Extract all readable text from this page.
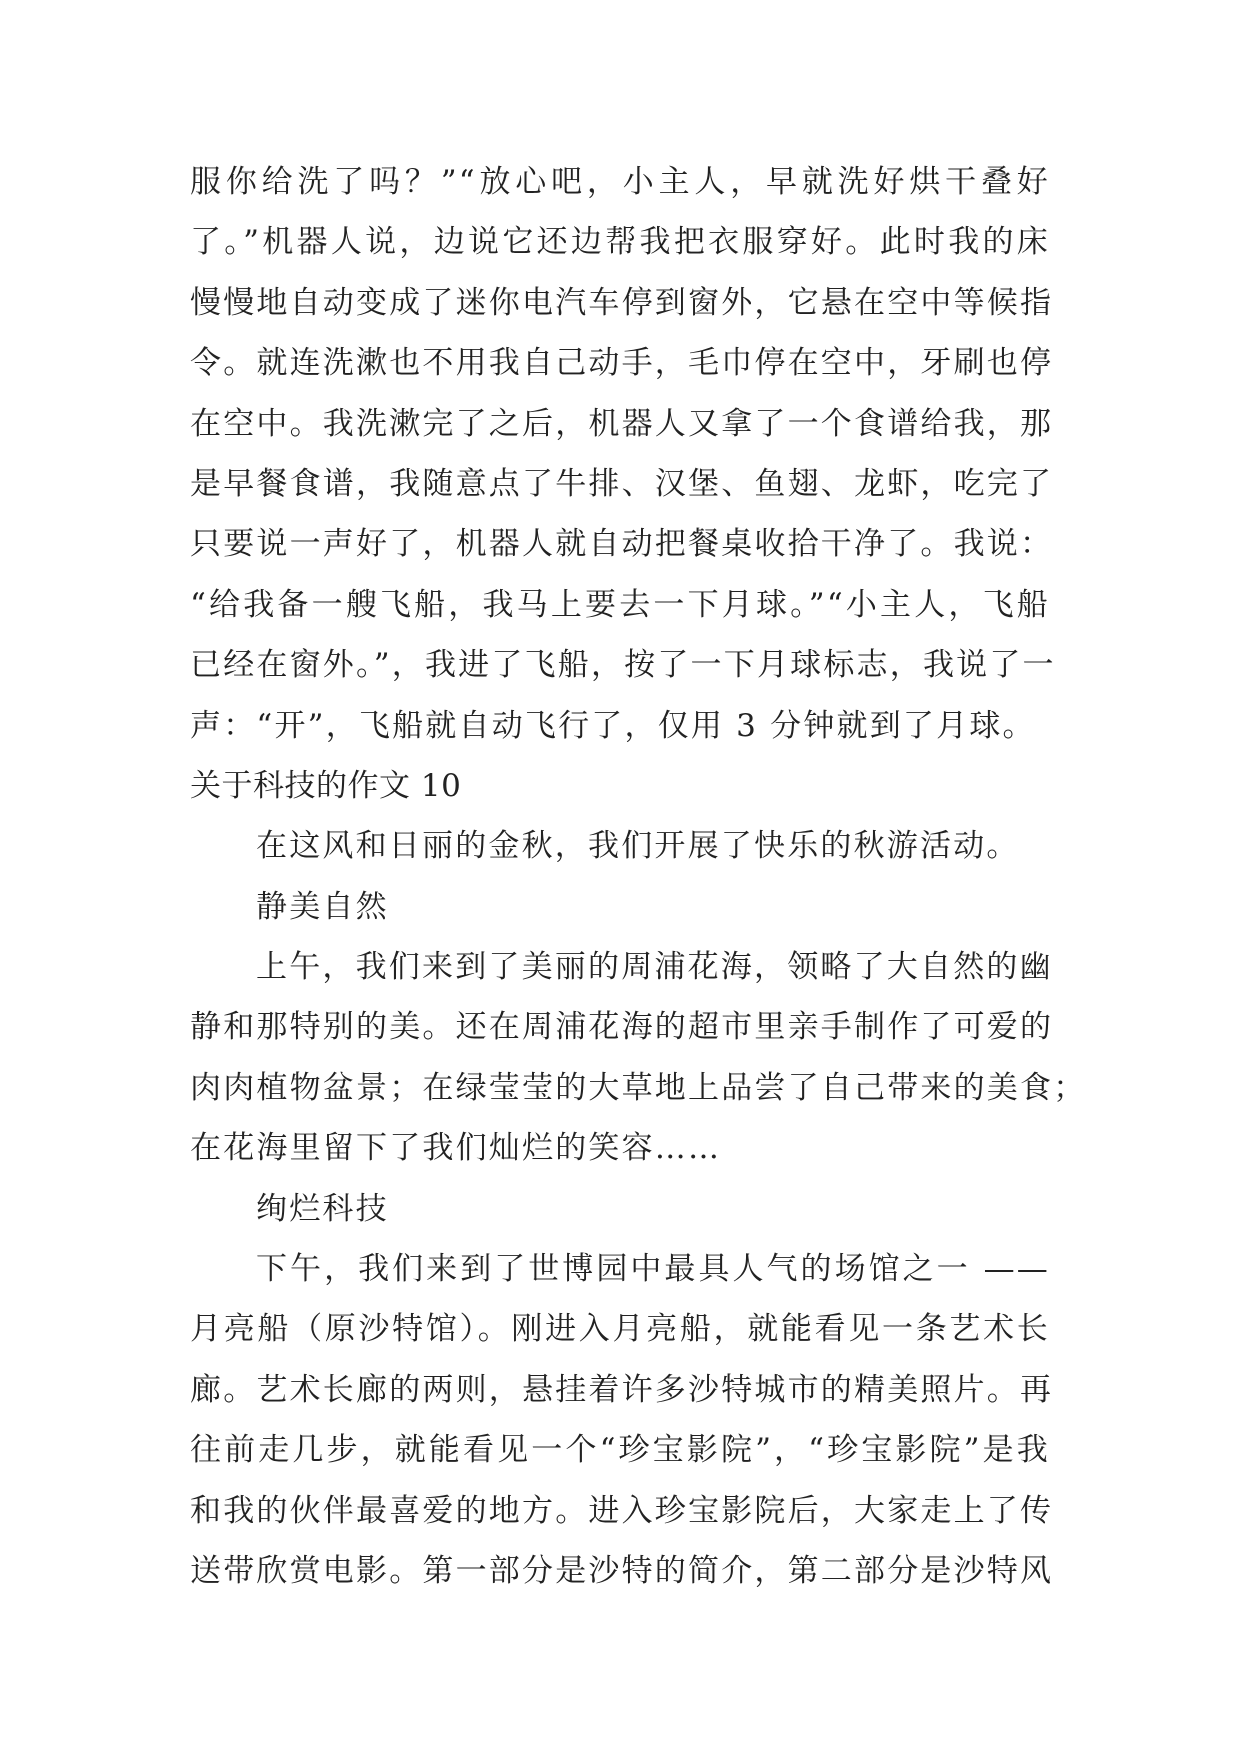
服你给洗了吗？”“放心吧，小主人，早就洗好烘干叠好
了。”机器人说，边说它还边帮我把衣服穿好。此时我的床
慢慢地自动变成了迷你电汽车停到窗外，它悬在空中等候指
令。就连洗漱也不用我自己动手，毛巾停在空中，牙刷也停
在空中。我洗漱完了之后，机器人又拿了一个食谱给我，那
是早餐食谱，我随意点了牛排、汉堡、鱼翅、龙虾，吃完了
只要说一声好了，机器人就自动把餐桌收拾干净了。我说：
“给我备一艘飞船，我马上要去一下月球。”“小主人，飞船
已经在窗外。”，我进了飞船，按了一下月球标志，我说了一
声：“开”，飞船就自动飞行了，仅用 3 分钟就到了月球。
关于科技的作文 10
在这风和日丽的金秋，我们开展了快乐的秋游活动。
静美自然
上午，我们来到了美丽的周浦花海，领略了大自然的幽
静和那特别的美。还在周浦花海的超市里亲手制作了可爱的
肉肉植物盆景；在绿莹莹的大草地上品尝了自己带来的美食；
在花海里留下了我们灿烂的笑容……
绚烂科技
下午，我们来到了世博园中最具人气的场馆之一 ——
月亮船（原沙特馆）。刚进入月亮船，就能看见一条艺术长
廊。艺术长廊的两则，悬挂着许多沙特城市的精美照片。再
往前走几步，就能看见一个“珍宝影院”，“珍宝影院”是我
和我的伙伴最喜爱的地方。进入珍宝影院后，大家走上了传
送带欣赏电影。第一部分是沙特的简介，第二部分是沙特风
